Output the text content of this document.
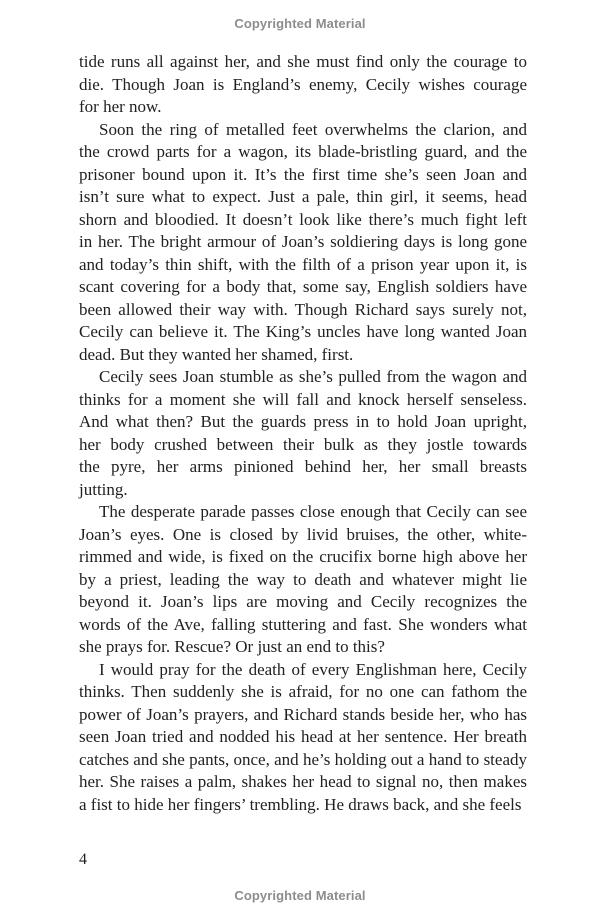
Copyrighted Material
tide runs all against her, and she must find only the courage to
die. Though Joan is England’s enemy, Cecily wishes courage
for her now.
Soon the ring of metalled feet overwhelms the clarion, and
the crowd parts for a wagon, its blade-bristling guard, and the
prisoner bound upon it. It’s the first time she’s seen Joan and
isn’t sure what to expect. Just a pale, thin girl, it seems, head
shorn and bloodied. It doesn’t look like there’s much fight left
in her. The bright armour of Joan’s soldiering days is long gone
and today’s thin shift, with the filth of a prison year upon it, is
scant covering for a body that, some say, English soldiers have
been allowed their way with. Though Richard says surely not,
Cecily can believe it. The King’s uncles have long wanted Joan
dead. But they wanted her shamed, first.
Cecily sees Joan stumble as she’s pulled from the wagon and
thinks for a moment she will fall and knock herself senseless.
And what then? But the guards press in to hold Joan upright,
her body crushed between their bulk as they jostle towards
the pyre, her arms pinioned behind her, her small breasts
jutting.
The desperate parade passes close enough that Cecily can see
Joan’s eyes. One is closed by livid bruises, the other, white-
rimmed and wide, is fixed on the crucifix borne high above her
by a priest, leading the way to death and whatever might lie
beyond it. Joan’s lips are moving and Cecily recognizes the
words of the Ave, falling stuttering and fast. She wonders what
she prays for. Rescue? Or just an end to this?
I would pray for the death of every Englishman here, Cecily
thinks. Then suddenly she is afraid, for no one can fathom the
power of Joan’s prayers, and Richard stands beside her, who has
seen Joan tried and nodded his head at her sentence. Her breath
catches and she pants, once, and he’s holding out a hand to steady
her. She raises a palm, shakes her head to signal no, then makes
a fist to hide her fingers’ trembling. He draws back, and she feels
4
Copyrighted Material
